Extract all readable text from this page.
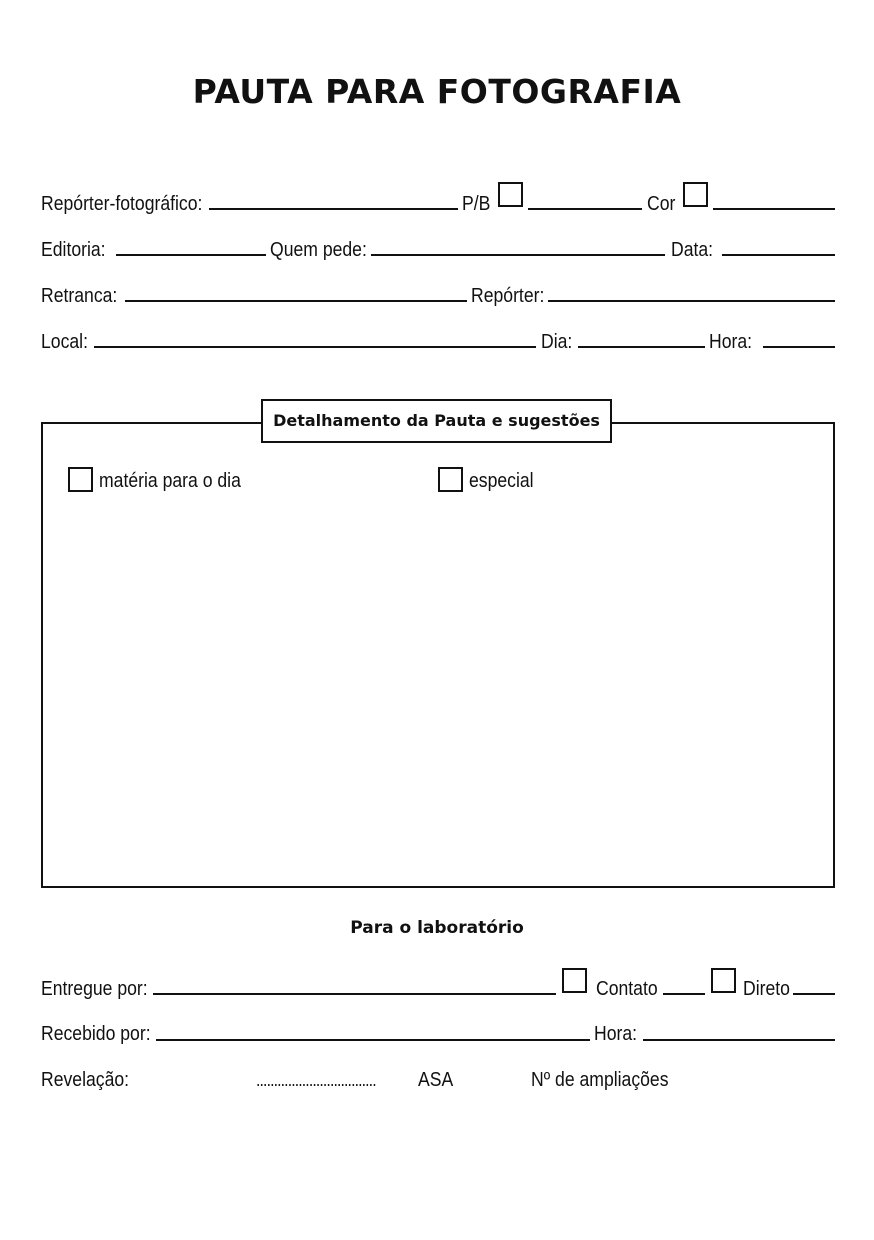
PAUTA PARA FOTOGRAFIA
Repórter-fotográfico:	P/B	Cor
Editoria:	Quem pede:	Data:
Retranca:	Repórter:
Local:	Dia:	Hora:
Detalhamento da Pauta e sugestões
matéria para o dia	especial
Para o laboratório
Entregue por:	Contato	Direto
Recebido por:	Hora:
Revelação:	.................................. ASA	Nº de ampliações
